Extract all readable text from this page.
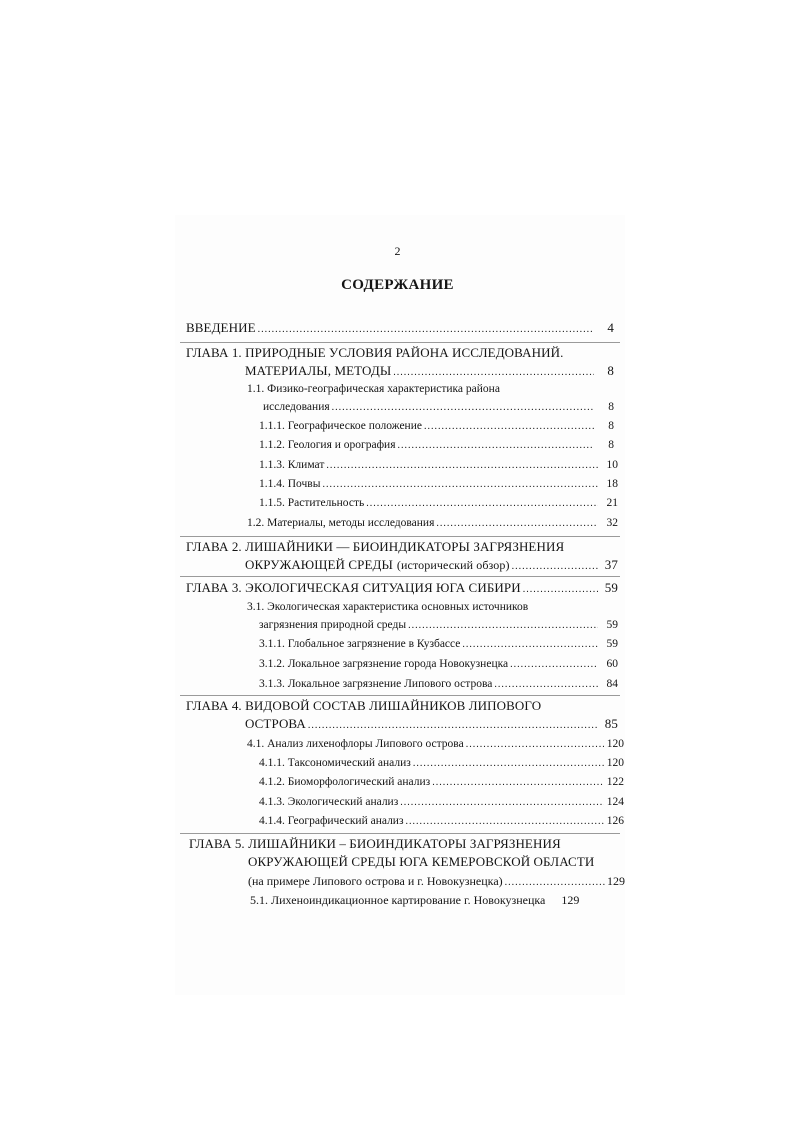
2
СОДЕРЖАНИЕ
ВВЕДЕНИЕ .....	4
ГЛАВА 1. ПРИРОДНЫЕ УСЛОВИЯ РАЙОНА ИССЛЕДОВАНИЙ.
МАТЕРИАЛЫ, МЕТОДЫ .....	8
1.1. Физико-географическая характеристика района
исследования .....	8
1.1.1. Географическое положение .....	8
1.1.2. Геология и орография .....	8
1.1.3. Климат .....	10
1.1.4. Почвы .....	18
1.1.5. Растительность .....	21
1.2. Материалы, методы исследования .....	32
ГЛАВА 2. ЛИШАЙНИКИ — БИОИНДИКАТОРЫ ЗАГРЯЗНЕНИЯ
ОКРУЖАЮЩЕЙ СРЕДЫ (исторический обзор) .....	37
ГЛАВА 3. ЭКОЛОГИЧЕСКАЯ СИТУАЦИЯ ЮГА СИБИРИ .....	59
3.1. Экологическая характеристика основных источников
загрязнения природной среды .....	59
3.1.1. Глобальное загрязнение в Кузбассе .....	59
3.1.2. Локальное загрязнение города Новокузнецка .....	60
3.1.3. Локальное загрязнение Липового острова .....	84
ГЛАВА 4. ВИДОВОЙ СОСТАВ ЛИШАЙНИКОВ ЛИПОВОГО
ОСТРОВА .....	85
4.1. Анализ лихенофлоры Липового острова .....	120
4.1.1. Таксономический анализ .....	120
4.1.2. Биоморфологический анализ .....	122
4.1.3. Экологический анализ .....	124
4.1.4. Географический анализ .....	126
ГЛАВА 5. ЛИШАЙНИКИ – БИОИНДИКАТОРЫ ЗАГРЯЗНЕНИЯ
ОКРУЖАЮЩЕЙ СРЕДЫ ЮГА КЕМЕРОВСКОЙ ОБЛАСТИ
(на примере Липового острова и г. Новокузнецка) .....	129
5.1. Лихеноиндикационное картирование г. Новокузнецка 129
